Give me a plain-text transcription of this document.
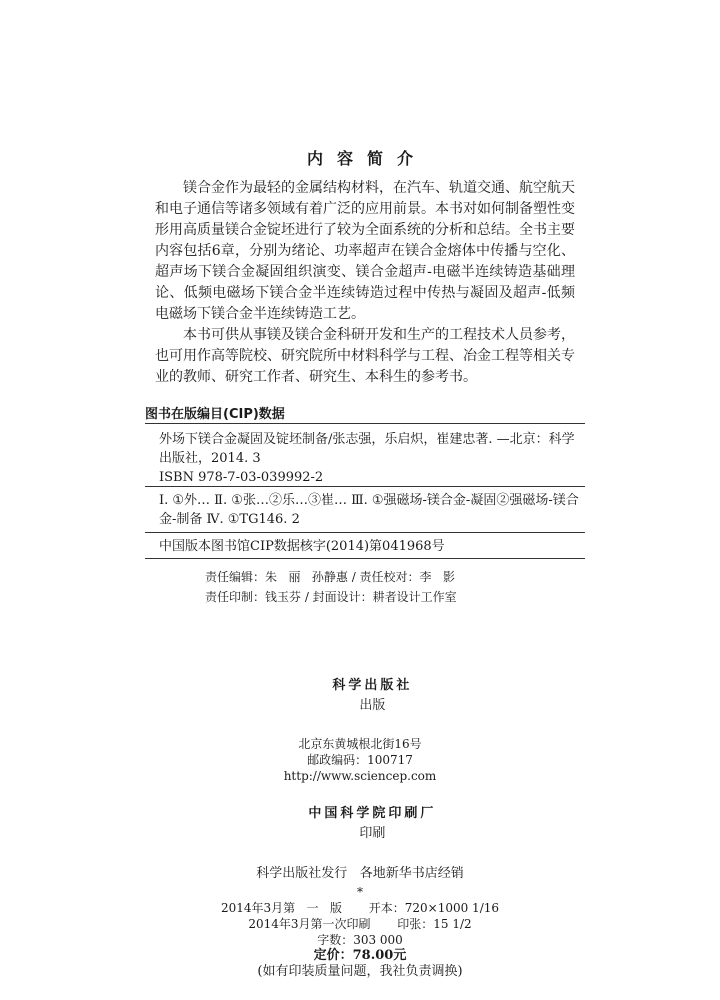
内容简介

镁合金作为最轻的金属结构材料，在汽车、轨道交通、航空航天和电子通信等诸多领域有着广泛的应用前景。本书对如何制备塑性变形用高质量镁合金锭坯进行了较为全面系统的分析和总结。全书主要内容包括6章，分别为绪论、功率超声在镁合金熔体中传播与空化、超声场下镁合金凝固组织演变、镁合金超声-电磁半连续铸造基础理论、低频电磁场下镁合金半连续铸造过程中传热与凝固及超声-低频电磁场下镁合金半连续铸造工艺。

本书可供从事镁及镁合金科研开发和生产的工程技术人员参考，也可用作高等院校、研究院所中材料科学与工程、冶金工程等相关专业的教师、研究工作者、研究生、本科生的参考书。

图书在版编目(CIP)数据
外场下镁合金凝固及锭坯制备/张志强，乐启炽，崔建忠著. —北京：科学出版社，2014. 3
ISBN 978-7-03-039992-2
Ⅰ. ①外… Ⅱ. ①张…②乐…③崔… Ⅲ. ①强磁场-镁合金-凝固②强磁场-镁合金-制备 Ⅳ. ①TG146. 2
中国版本图书馆CIP数据核字(2014)第041968号
责任编辑：朱   丽   孙静惠 / 责任校对：李   影
责任印制：钱玉芬 / 封面设计：耕者设计工作室

科学出版社
出版

北京东黄城根北街16号
邮政编码：100717
http://www.sciencep.com

中国科学院印刷厂
印刷

科学出版社发行   各地新华书店经销
*
2014年3月第   一   版       开本：720×1000 1/16
2014年3月第一次印刷       印张：15 1/2
字数：303 000
定价：78.00元
(如有印装质量问题，我社负责调换)
